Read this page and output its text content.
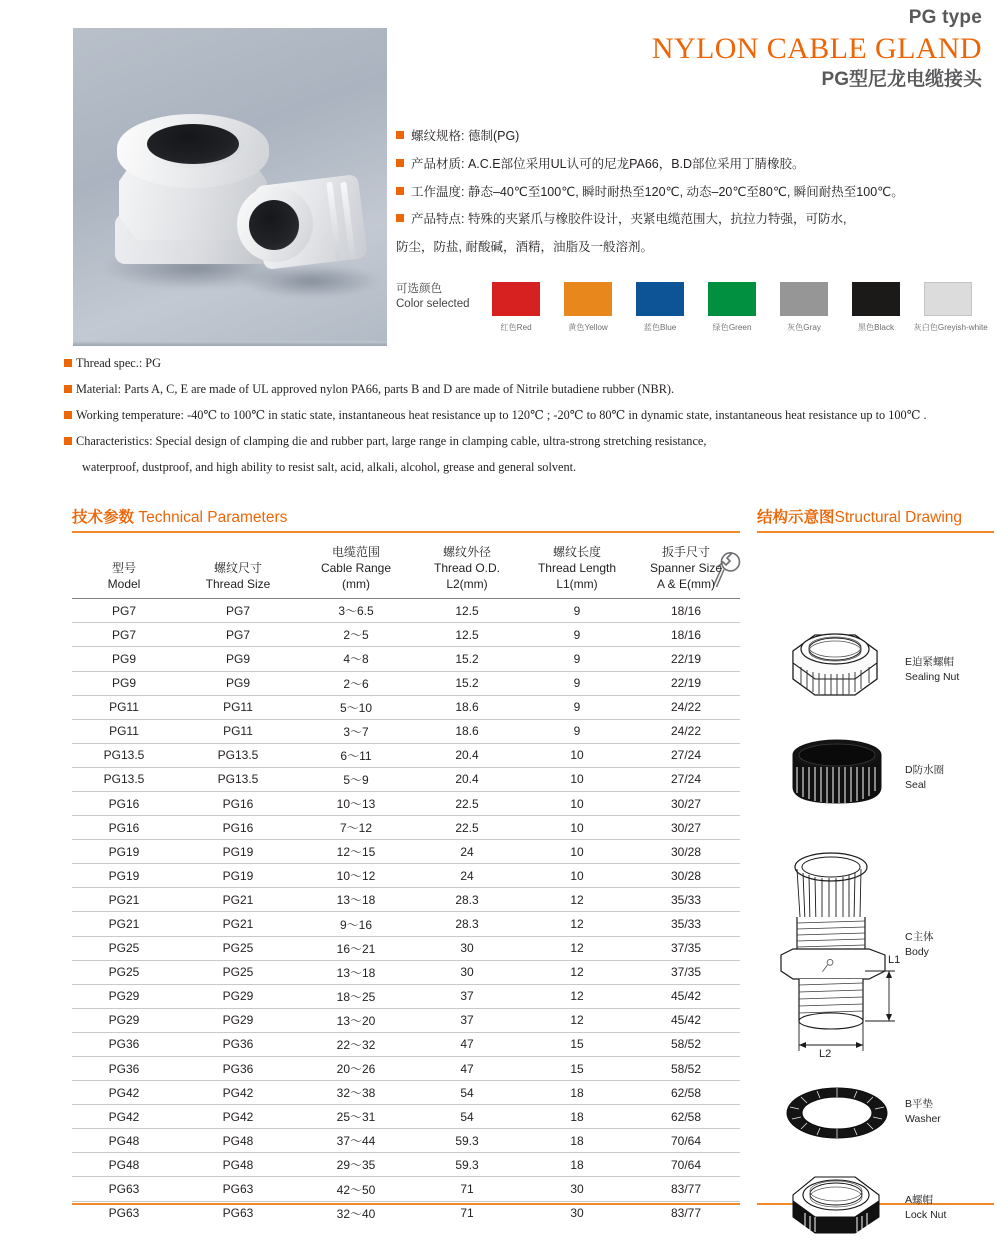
PG type
NYLON CABLE GLAND
PG型尼龙电缆接头
螺纹规格: 德制(PG)
产品材质: A.C.E部位采用UL认可的尼龙PA66，B.D部位采用丁腈橡胶。
工作温度: 静态–40℃至100℃, 瞬时耐热至120℃, 动态–20℃至80℃, 瞬间耐热至100℃。
产品特点: 特殊的夹紧爪与橡胶件设计，夹紧电缆范围大，抗拉力特强，可防水,
防尘，防盐, 耐酸碱，酒精，油脂及一般溶剂。
可选颜色
Color selected
红色Red	黄色Yellow	蓝色Blue	绿色Green	灰色Gray	黑色Black	灰白色Greyish-white
Thread spec.: PG
Material: Parts A, C, E are made of UL approved nylon PA66, parts B and D are made of Nitrile butadiene rubber (NBR).
Working temperature: -40℃ to 100℃ in static state, instantaneous heat resistance up to 120℃ ; -20℃ to 80℃ in dynamic state, instantaneous heat resistance up to 100℃ .
Characteristics: Special design of clamping die and rubber part, large range in clamping cable, ultra-strong stretching resistance,
waterproof, dustproof, and high ability to resist salt, acid, alkali, alcohol, grease and general solvent.
技术参数 Technical Parameters	结构示意图Structural Drawing
型号
Model

螺纹尺寸
Thread Size

电缆范围
Cable Range
(mm)

螺纹外径
Thread O.D.
L2(mm)

螺纹长度
Thread Length
L1(mm)

扳手尺寸
Spanner Size
A & E(mm)

PG7	PG7	3～6.5	12.5	9	18/16
PG7	PG7	2～5	12.5	9	18/16
PG9	PG9	4～8	15.2	9	22/19
PG9	PG9	2～6	15.2	9	22/19
PG11	PG11	5～10	18.6	9	24/22
PG11	PG11	3～7	18.6	9	24/22
PG13.5	PG13.5	6～11	20.4	10	27/24
PG13.5	PG13.5	5～9	20.4	10	27/24
PG16	PG16	10～13	22.5	10	30/27
PG16	PG16	7～12	22.5	10	30/27
PG19	PG19	12～15	24	10	30/28
PG19	PG19	10～12	24	10	30/28
PG21	PG21	13～18	28.3	12	35/33
PG21	PG21	9～16	28.3	12	35/33
PG25	PG25	16～21	30	12	37/35
PG25	PG25	13～18	30	12	37/35
PG29	PG29	18～25	37	12	45/42
PG29	PG29	13～20	37	12	45/42
PG36	PG36	22～32	47	15	58/52
PG36	PG36	20～26	47	15	58/52
PG42	PG42	32～38	54	18	62/58
PG42	PG42	25～31	54	18	62/58
PG48	PG48	37～44	59.3	18	70/64
PG48	PG48	29～35	59.3	18	70/64
PG63	PG63	42～50	71	30	83/77
PG63	PG63	32～40	71	30	83/77
E迫紧螺帽
Sealing Nut
D防水圈
Seal
C主体
Body
L1
L2
B平垫
Washer
A螺帽
Lock Nut
